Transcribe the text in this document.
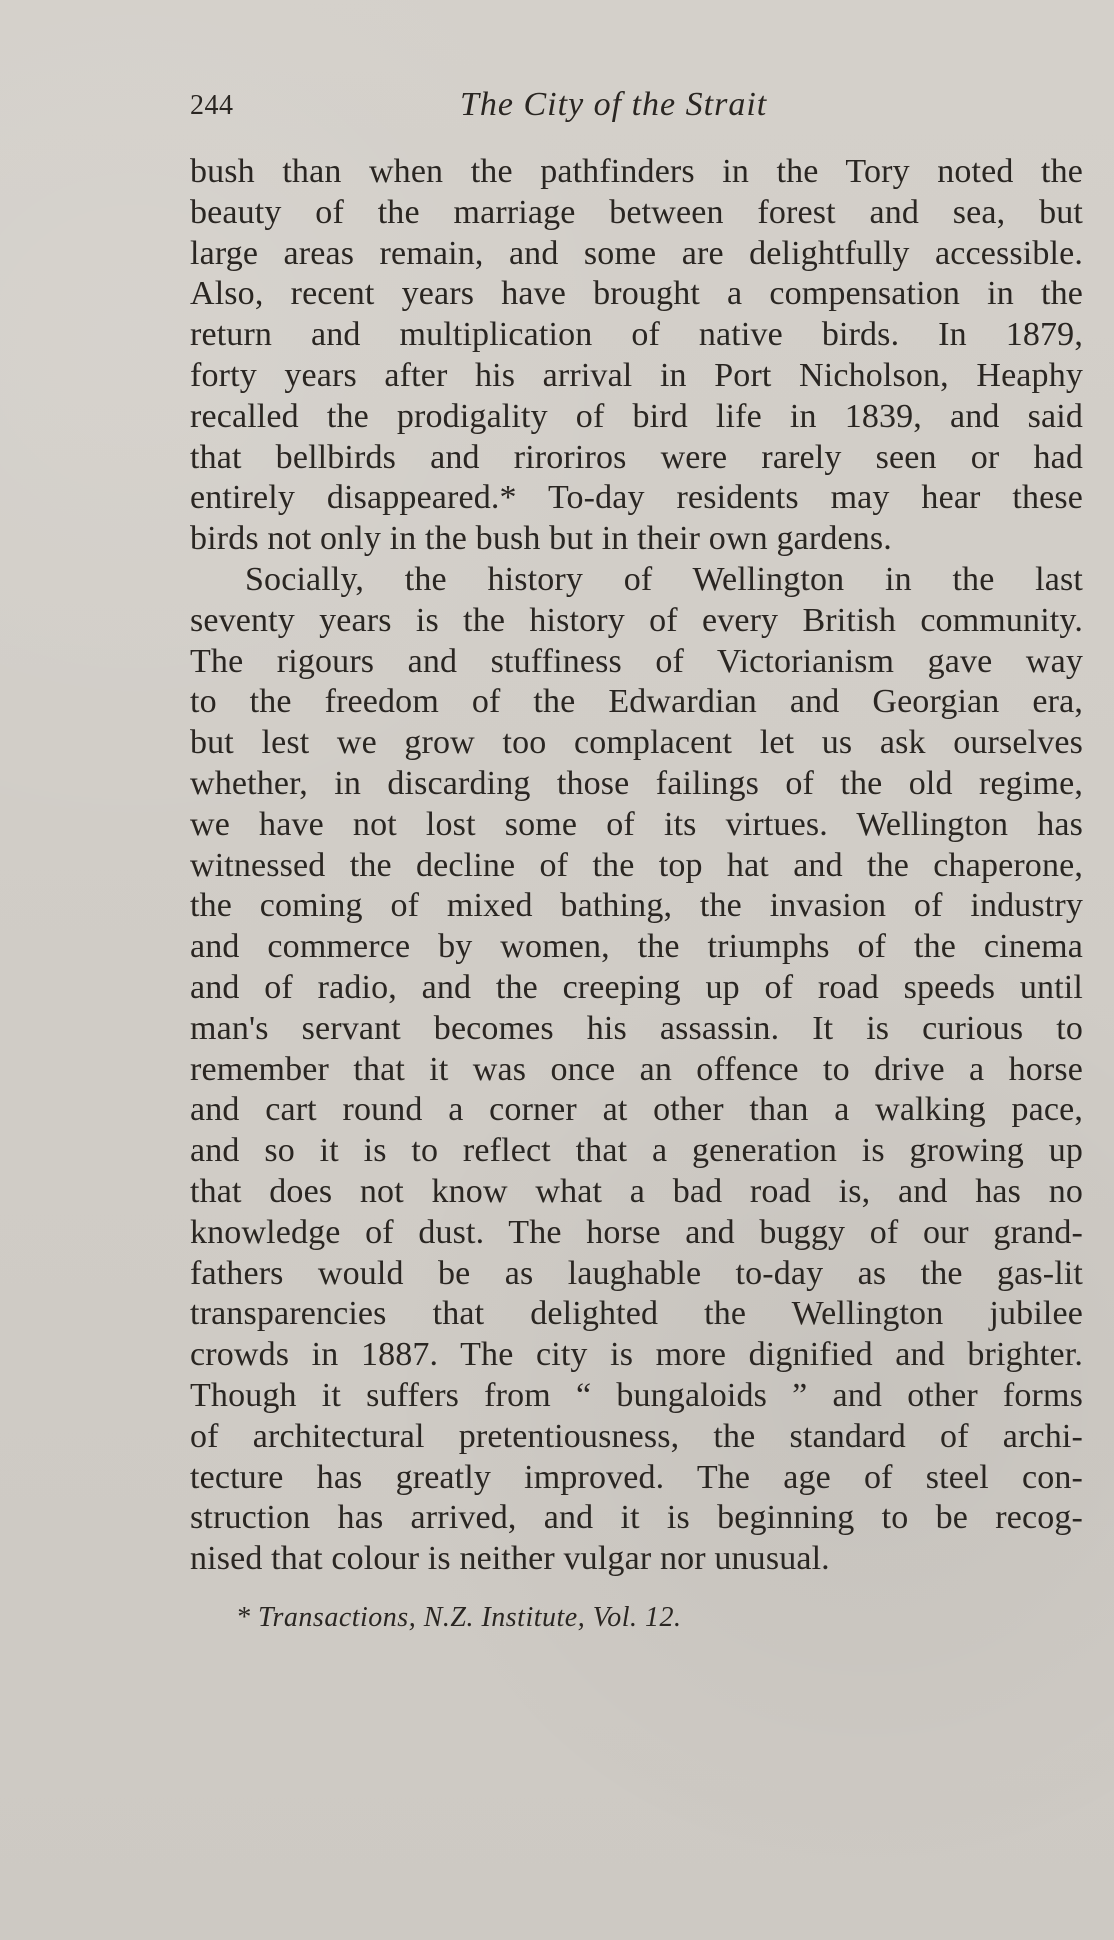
244	The City of the Strait
bush than when the pathfinders in the Tory noted the
beauty of the marriage between forest and sea, but
large areas remain, and some are delightfully accessible.
Also, recent years have brought a compensation in the
return and multiplication of native birds. In 1879,
forty years after his arrival in Port Nicholson, Heaphy
recalled the prodigality of bird life in 1839, and said
that bellbirds and riroriros were rarely seen or had
entirely disappeared.* To-day residents may hear these
birds not only in the bush but in their own gardens.
Socially, the history of Wellington in the last
seventy years is the history of every British community.
The rigours and stuffiness of Victorianism gave way
to the freedom of the Edwardian and Georgian era,
but lest we grow too complacent let us ask ourselves
whether, in discarding those failings of the old regime,
we have not lost some of its virtues. Wellington has
witnessed the decline of the top hat and the chaperone,
the coming of mixed bathing, the invasion of industry
and commerce by women, the triumphs of the cinema
and of radio, and the creeping up of road speeds until
man's servant becomes his assassin. It is curious to
remember that it was once an offence to drive a horse
and cart round a corner at other than a walking pace,
and so it is to reflect that a generation is growing up
that does not know what a bad road is, and has no
knowledge of dust. The horse and buggy of our grand-
fathers would be as laughable to-day as the gas-lit
transparencies that delighted the Wellington jubilee
crowds in 1887. The city is more dignified and brighter.
Though it suffers from “ bungaloids ” and other forms
of architectural pretentiousness, the standard of archi-
tecture has greatly improved. The age of steel con-
struction has arrived, and it is beginning to be recog-
nised that colour is neither vulgar nor unusual.
* Transactions, N.Z. Institute, Vol. 12.
